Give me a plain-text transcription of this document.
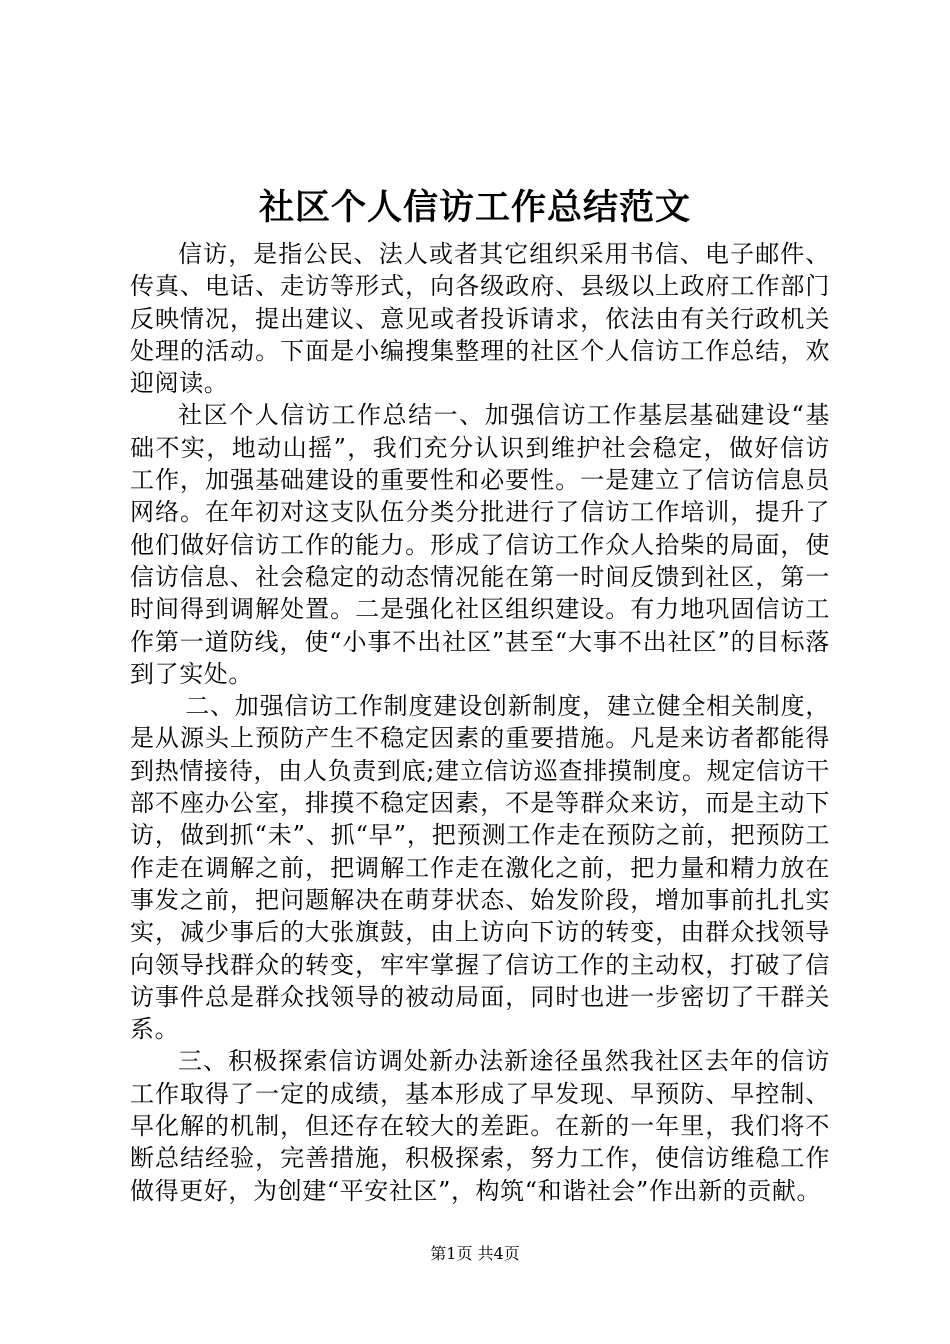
社区个人信访工作总结范文

信访，是指公民、法人或者其它组织采用书信、电子邮件、传真、电话、走访等形式，向各级政府、县级以上政府工作部门反映情况，提出建议、意见或者投诉请求，依法由有关行政机关处理的活动。下面是小编搜集整理的社区个人信访工作总结，欢迎阅读。

社区个人信访工作总结一、加强信访工作基层基础建设“基础不实，地动山摇”，我们充分认识到维护社会稳定，做好信访工作，加强基础建设的重要性和必要性。一是建立了信访信息员网络。在年初对这支队伍分类分批进行了信访工作培训，提升了他们做好信访工作的能力。形成了信访工作众人拾柴的局面，使信访信息、社会稳定的动态情况能在第一时间反馈到社区，第一时间得到调解处置。二是强化社区组织建设。有力地巩固信访工作第一道防线，使“小事不出社区”甚至“大事不出社区”的目标落到了实处。

二、加强信访工作制度建设创新制度，建立健全相关制度，是从源头上预防产生不稳定因素的重要措施。凡是来访者都能得到热情接待，由人负责到底;建立信访巡查排摸制度。规定信访干部不座办公室，排摸不稳定因素，不是等群众来访，而是主动下访，做到抓“未”、抓“早”，把预测工作走在预防之前，把预防工作走在调解之前，把调解工作走在激化之前，把力量和精力放在事发之前，把问题解决在萌芽状态、始发阶段，增加事前扎扎实实，减少事后的大张旗鼓，由上访向下访的转变，由群众找领导向领导找群众的转变，牢牢掌握了信访工作的主动权，打破了信访事件总是群众找领导的被动局面，同时也进一步密切了干群关系。

三、积极探索信访调处新办法新途径虽然我社区去年的信访工作取得了一定的成绩，基本形成了早发现、早预防、早控制、早化解的机制，但还存在较大的差距。在新的一年里，我们将不断总结经验，完善措施，积极探索，努力工作，使信访维稳工作做得更好，为创建“平安社区”，构筑“和谐社会”作出新的贡献。

第1页 共4页
